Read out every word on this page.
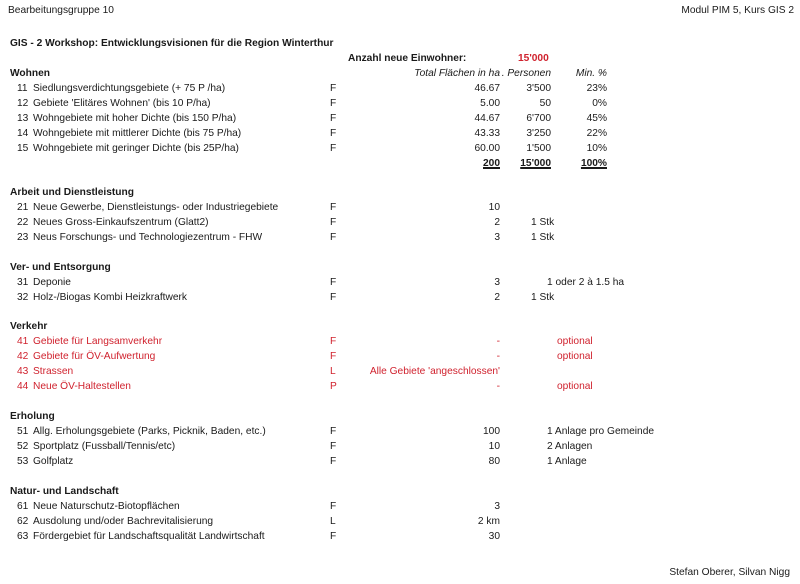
Bearbeitungsgruppe 10	Modul PIM 5, Kurs GIS 2
GIS - 2 Workshop: Entwicklungsvisionen für die Region Winterthur
Anzahl neue Einwohner:	15'000
Wohnen	Total Flächen in ha . Personen Min. %
11 Siedlungsverdichtungsgebiete (+ 75 P /ha)	F	46.67	3'500	23%
12 Gebiete 'Elitäres Wohnen' (bis 10 P/ha)	F	5.00	50	0%
13 Wohngebiete mit hoher Dichte (bis 150 P/ha)	F	44.67	6'700	45%
14 Wohngebiete mit mittlerer Dichte (bis 75 P/ha)	F	43.33	3'250	22%
15 Wohngebiete mit geringer Dichte (bis 25P/ha)	F	60.00	1'500	10%
200 15'000	100%
Arbeit und Dienstleistung
21 Neue Gewerbe, Dienstleistungs- oder Industriegebiete	F	10
22 Neues Gross-Einkaufszentrum (Glatt2)	F	2	1 Stk
23 Neus Forschungs- und Technologiezentrum - FHW	F	3	1 Stk
Ver- und Entsorgung
31 Deponie	F	3	1 oder 2 à 1.5 ha
32 Holz-/Biogas Kombi Heizkraftwerk	F	2	1 Stk
Verkehr
41 Gebiete für Langsamverkehr	F	-	optional
42 Gebiete für ÖV-Aufwertung	F	-	optional
43 Strassen	L	Alle Gebiete 'angeschlossen'
44 Neue ÖV-Haltestellen	P	-	optional
Erholung
51 Allg. Erholungsgebiete (Parks, Picknik, Baden, etc.)	F	100	1 Anlage pro Gemeinde
52 Sportplatz (Fussball/Tennis/etc)	F	10	2 Anlagen
53 Golfplatz	F	80	1 Anlage
Natur- und Landschaft
61 Neue Naturschutz-Biotopflächen	F	3
62 Ausdolung und/oder Bachrevitalisierung	L	2 km
63 Fördergebiet für Landschaftsqualität Landwirtschaft	F	30
Stefan Oberer, Silvan Nigg
